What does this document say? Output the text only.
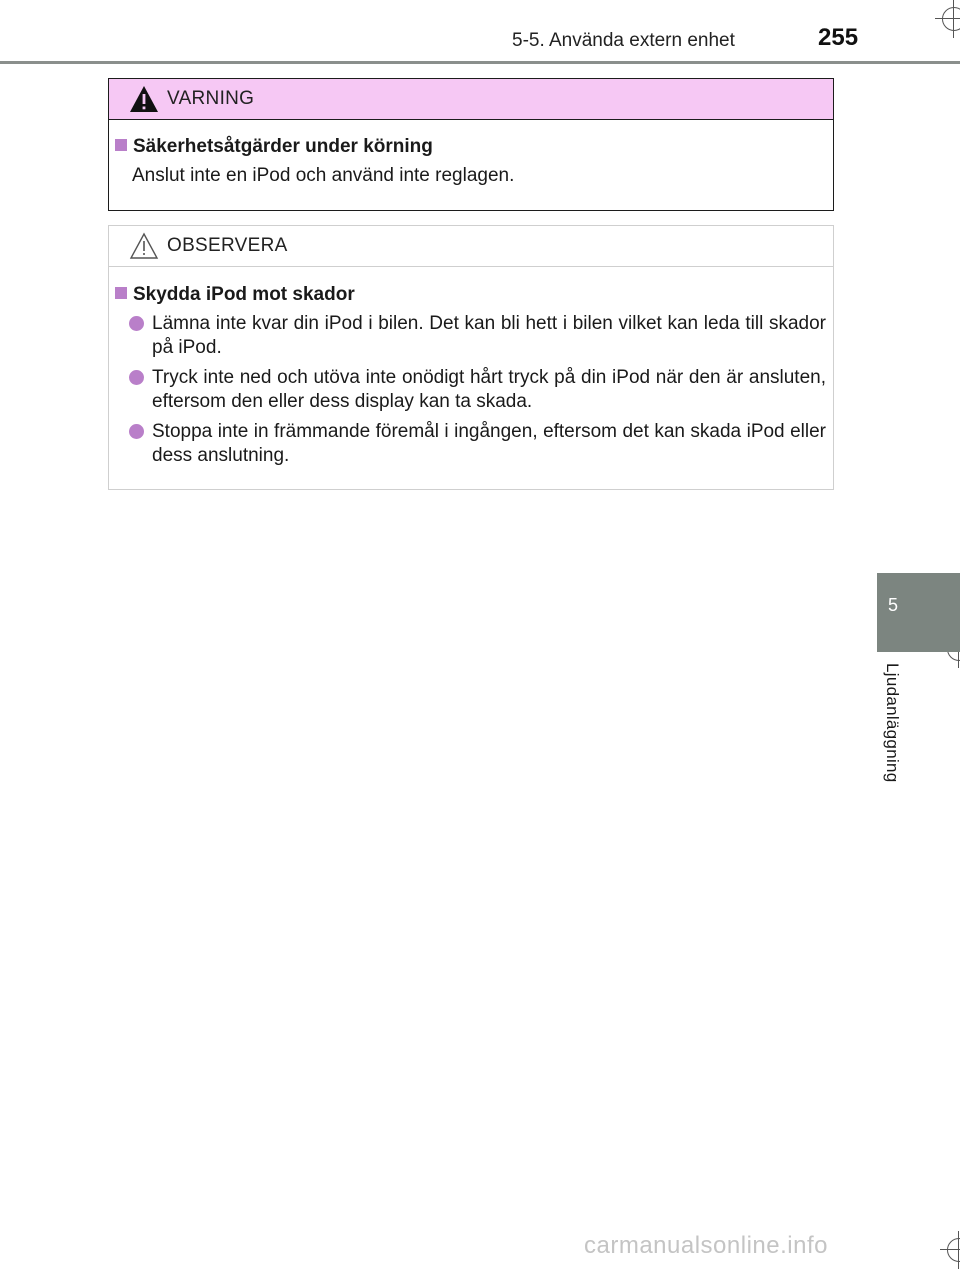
5-5. Använda extern enhet	255
VARNING
Säkerhetsåtgärder under körning
Anslut inte en iPod och använd inte reglagen.
OBSERVERA
Skydda iPod mot skador
Lämna inte kvar din iPod i bilen. Det kan bli hett i bilen vilket kan leda till skador på iPod.
Tryck inte ned och utöva inte onödigt hårt tryck på din iPod när den är ansluten, eftersom den eller dess display kan ta skada.
Stoppa inte in främmande föremål i ingången, eftersom det kan skada iPod eller dess anslutning.
5
Ljudanläggning
carmanualsonline.info
